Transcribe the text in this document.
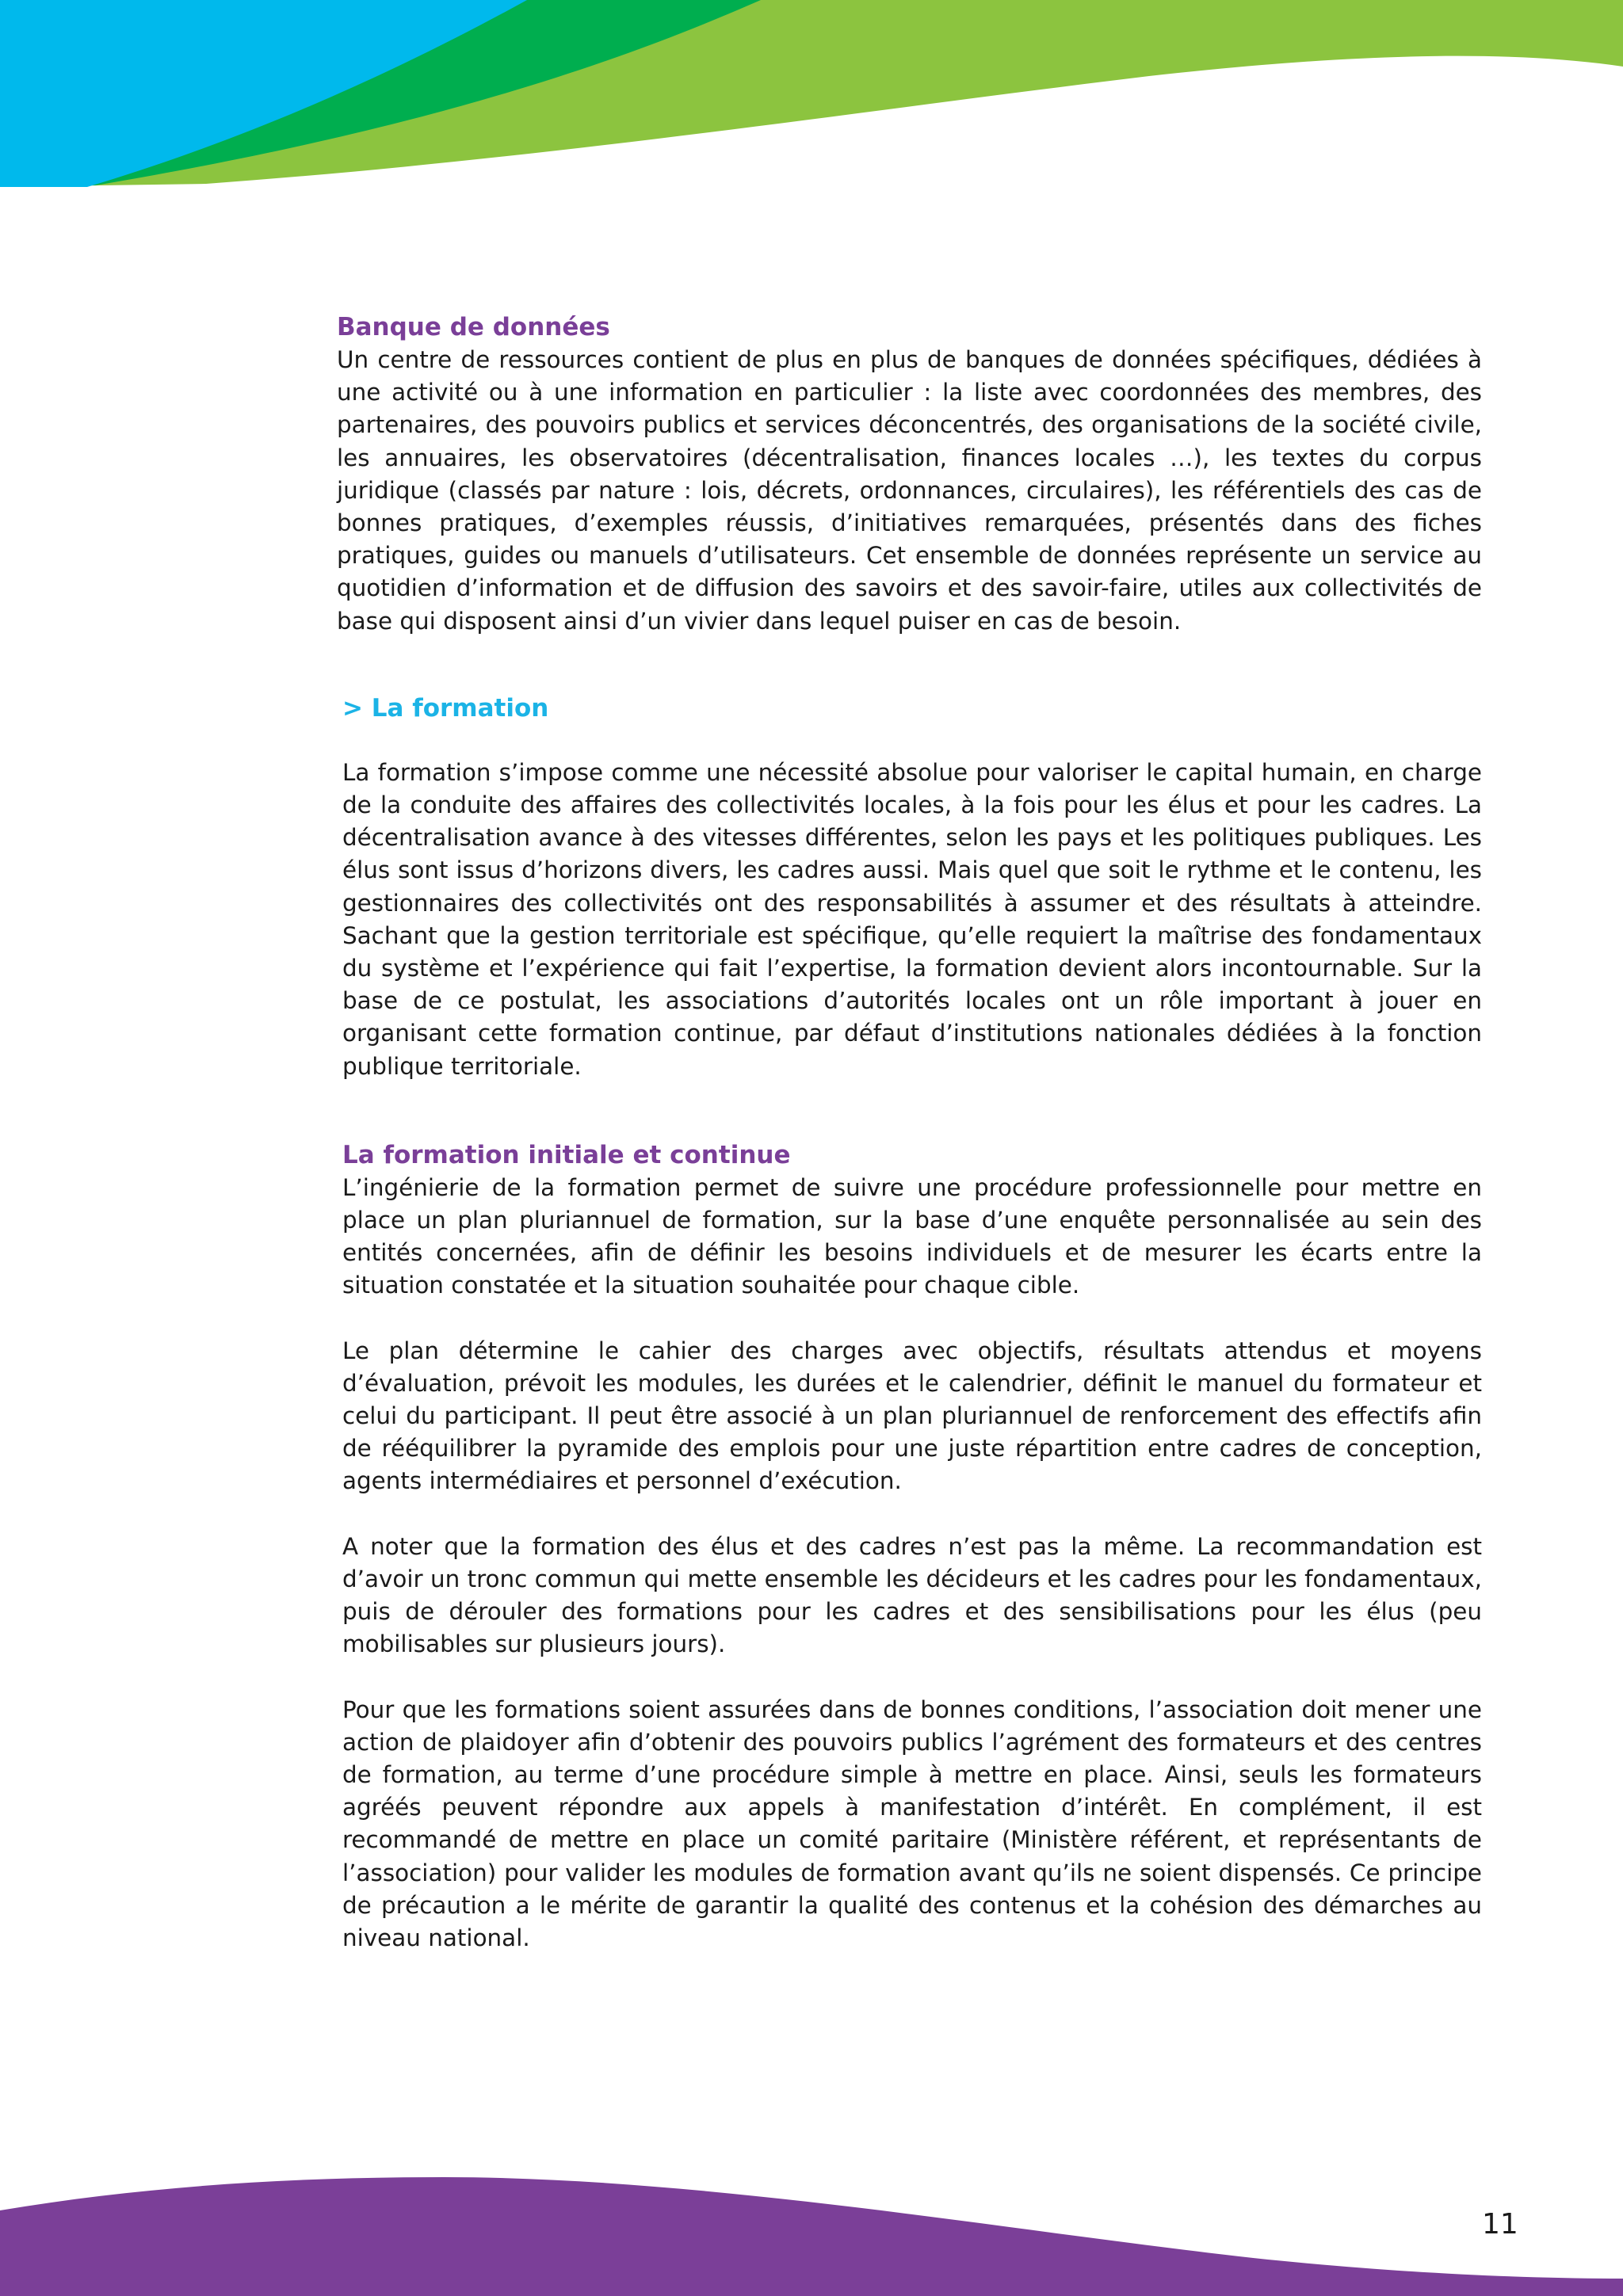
Banque de données

Un centre de ressources contient de plus en plus de banques de données spécifiques, dédiées à une activité ou à une information en particulier : la liste avec coordonnées des membres, des partenaires, des pouvoirs publics et services déconcentrés, des organisations de la société civile, les annuaires, les observatoires (décentralisation, finances locales …), les textes du corpus juridique (classés par nature : lois, décrets, ordonnances, circulaires), les référentiels des cas de bonnes pratiques, d’exemples réussis, d’initiatives remarquées, présentés dans des fiches pratiques, guides ou manuels d’utilisateurs. Cet ensemble de données représente un service au quotidien d’information et de diffusion des savoirs et des savoir-faire, utiles aux collectivités de base qui disposent ainsi d’un vivier dans lequel puiser en cas de besoin.

> La formation

La formation s’impose comme une nécessité absolue pour valoriser le capital humain, en charge de la conduite des affaires des collectivités locales, à la fois pour les élus et pour les cadres. La décentralisation avance à des vitesses différentes, selon les pays et les politiques publiques. Les élus sont issus d’horizons divers, les cadres aussi. Mais quel que soit le rythme et le contenu, les gestionnaires des collectivités ont des responsabilités à assumer et des résultats à atteindre. Sachant que la gestion territoriale est spécifique, qu’elle requiert la maîtrise des fondamentaux du système et l’expérience qui fait l’expertise, la formation devient alors incontournable. Sur la base de ce postulat, les associations d’autorités locales ont un rôle important à jouer en organisant cette formation continue, par défaut d’institutions nationales dédiées à la fonction publique territoriale.

La formation initiale et continue

L’ingénierie de la formation permet de suivre une procédure professionnelle pour mettre en place un plan pluriannuel de formation, sur la base d’une enquête personnalisée au sein des entités concernées, afin de définir les besoins individuels et de mesurer les écarts entre la situation constatée et la situation souhaitée pour chaque cible.

Le plan détermine le cahier des charges avec objectifs, résultats attendus et moyens d’évaluation, prévoit les modules, les durées et le calendrier, définit le manuel du formateur et celui du participant. Il peut être associé à un plan pluriannuel de renforcement des effectifs afin de rééquilibrer la pyramide des emplois pour une juste répartition entre cadres de conception, agents intermédiaires et personnel d’exécution.

A noter que la formation des élus et des cadres n’est pas la même. La recommandation est d’avoir un tronc commun qui mette ensemble les décideurs et les cadres pour les fondamentaux, puis de dérouler des formations pour les cadres et des sensibilisations pour les élus (peu mobilisables sur plusieurs jours).

Pour que les formations soient assurées dans de bonnes conditions, l’association doit mener une action de plaidoyer afin d’obtenir des pouvoirs publics l’agrément des formateurs et des centres de formation, au terme d’une procédure simple à mettre en place. Ainsi, seuls les formateurs agréés peuvent répondre aux appels à manifestation d’intérêt. En complément, il est recommandé de mettre en place un comité paritaire (Ministère référent, et représentants de l’association) pour valider les modules de formation avant qu’ils ne soient dispensés. Ce principe de précaution a le mérite de garantir la qualité des contenus et la cohésion des démarches au niveau national.

11
